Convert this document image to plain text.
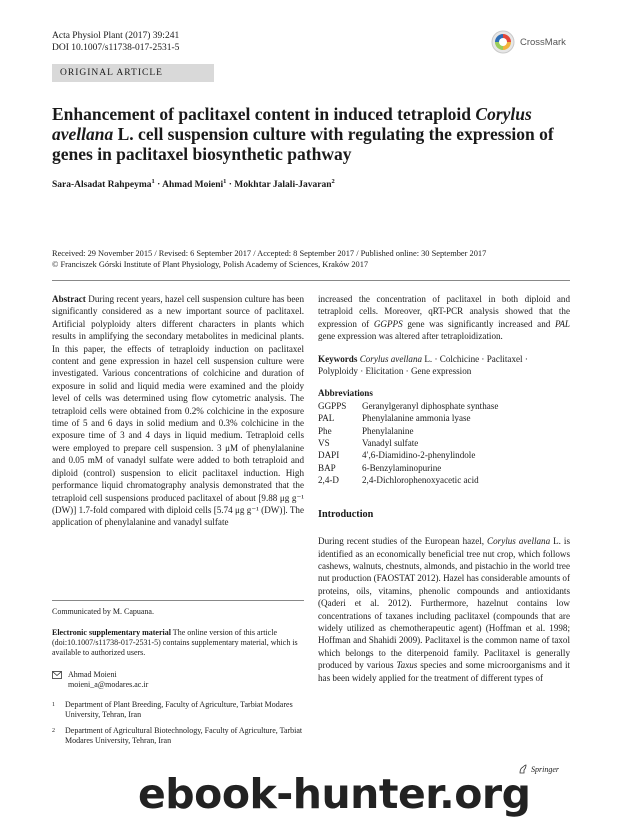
Acta Physiol Plant (2017) 39:241
DOI 10.1007/s11738-017-2531-5
CrossMark
ORIGINAL ARTICLE
Enhancement of paclitaxel content in induced tetraploid Corylus avellana L. cell suspension culture with regulating the expression of genes in paclitaxel biosynthetic pathway
Sara-Alsadat Rahpeyma$^1$ · Ahmad Moieni$^1$ · Mokhtar Jalali-Javaran$^2$
Received: 29 November 2015 / Revised: 6 September 2017 / Accepted: 8 September 2017 / Published online: 30 September 2017
© Franciszek Górski Institute of Plant Physiology, Polish Academy of Sciences, Kraków 2017
Abstract During recent years, hazel cell suspension culture has been significantly considered as a new important source of paclitaxel. Artificial polyploidy alters different characters in plants which results in amplifying the secondary metabolites in medicinal plants. In this paper, the effects of tetraploidy induction on paclitaxel content and gene expression in hazel cell suspension culture were investigated. Various concentrations of colchicine and duration of exposure in solid and liquid media were examined and the ploidy level of cells was determined using flow cytometric analysis. The tetraploid cells were obtained from 0.2% colchicine in the exposure time of 5 and 6 days in solid medium and 0.3% colchicine in the exposure time of 3 and 4 days in liquid medium. Tetraploid cells were employed to prepare cell suspension. 3 μM of phenylalanine and 0.05 mM of vanadyl sulfate were added to both tetraploid and diploid (control) suspension to elicit paclitaxel induction. High performance liquid chromatography analysis demonstrated that the tetraploid cell suspensions produced paclitaxel of about [9.88 μg g⁻¹ (DW)] 1.7-fold compared with diploid cells [5.74 μg g⁻¹ (DW)]. The application of phenylalanine and vanadyl sulfate
increased the concentration of paclitaxel in both diploid and tetraploid cells. Moreover, qRT-PCR analysis showed that the expression of GGPPS gene was significantly increased and PAL gene expression was altered after tetraploidization.
Keywords Corylus avellana L. · Colchicine · Paclitaxel · Polyploidy · Elicitation · Gene expression
Abbreviations
GGPPS	Geranylgeranyl diphosphate synthase
PAL	Phenylalanine ammonia lyase
Phe	Phenylalanine
VS	Vanadyl sulfate
DAPI	4′,6-Diamidino-2-phenylindole
BAP	6-Benzylaminopurine
2,4-D	2,4-Dichlorophenoxyacetic acid
Introduction
During recent studies of the European hazel, Corylus avellana L. is identified as an economically beneficial tree nut crop, which follows cashews, walnuts, chestnuts, almonds, and pistachio in the world tree nut production (FAOSTAT 2012). Hazel has considerable amounts of proteins, oils, vitamins, phenolic compounds and antioxidants (Qaderi et al. 2012). Furthermore, hazelnut contains low concentrations of taxanes including paclitaxel (compounds that are widely utilized as chemotherapeutic agent) (Hoffman et al. 1998; Hoffman and Shahidi 2009). Paclitaxel is the common name of taxol which belongs to the diterpenoid family. Paclitaxel is generally produced by various Taxus species and some microorganisms and it has been widely applied for the treatment of different types of
Communicated by M. Capuana.
Electronic supplementary material The online version of this article (doi:10.1007/s11738-017-2531-5) contains supplementary material, which is available to authorized users.
Ahmad Moieni
moieni_a@modares.ac.ir
1 Department of Plant Breeding, Faculty of Agriculture, Tarbiat Modares University, Tehran, Iran
2 Department of Agricultural Biotechnology, Faculty of Agriculture, Tarbiat Modares University, Tehran, Iran
Springer
ebook-hunter.org
